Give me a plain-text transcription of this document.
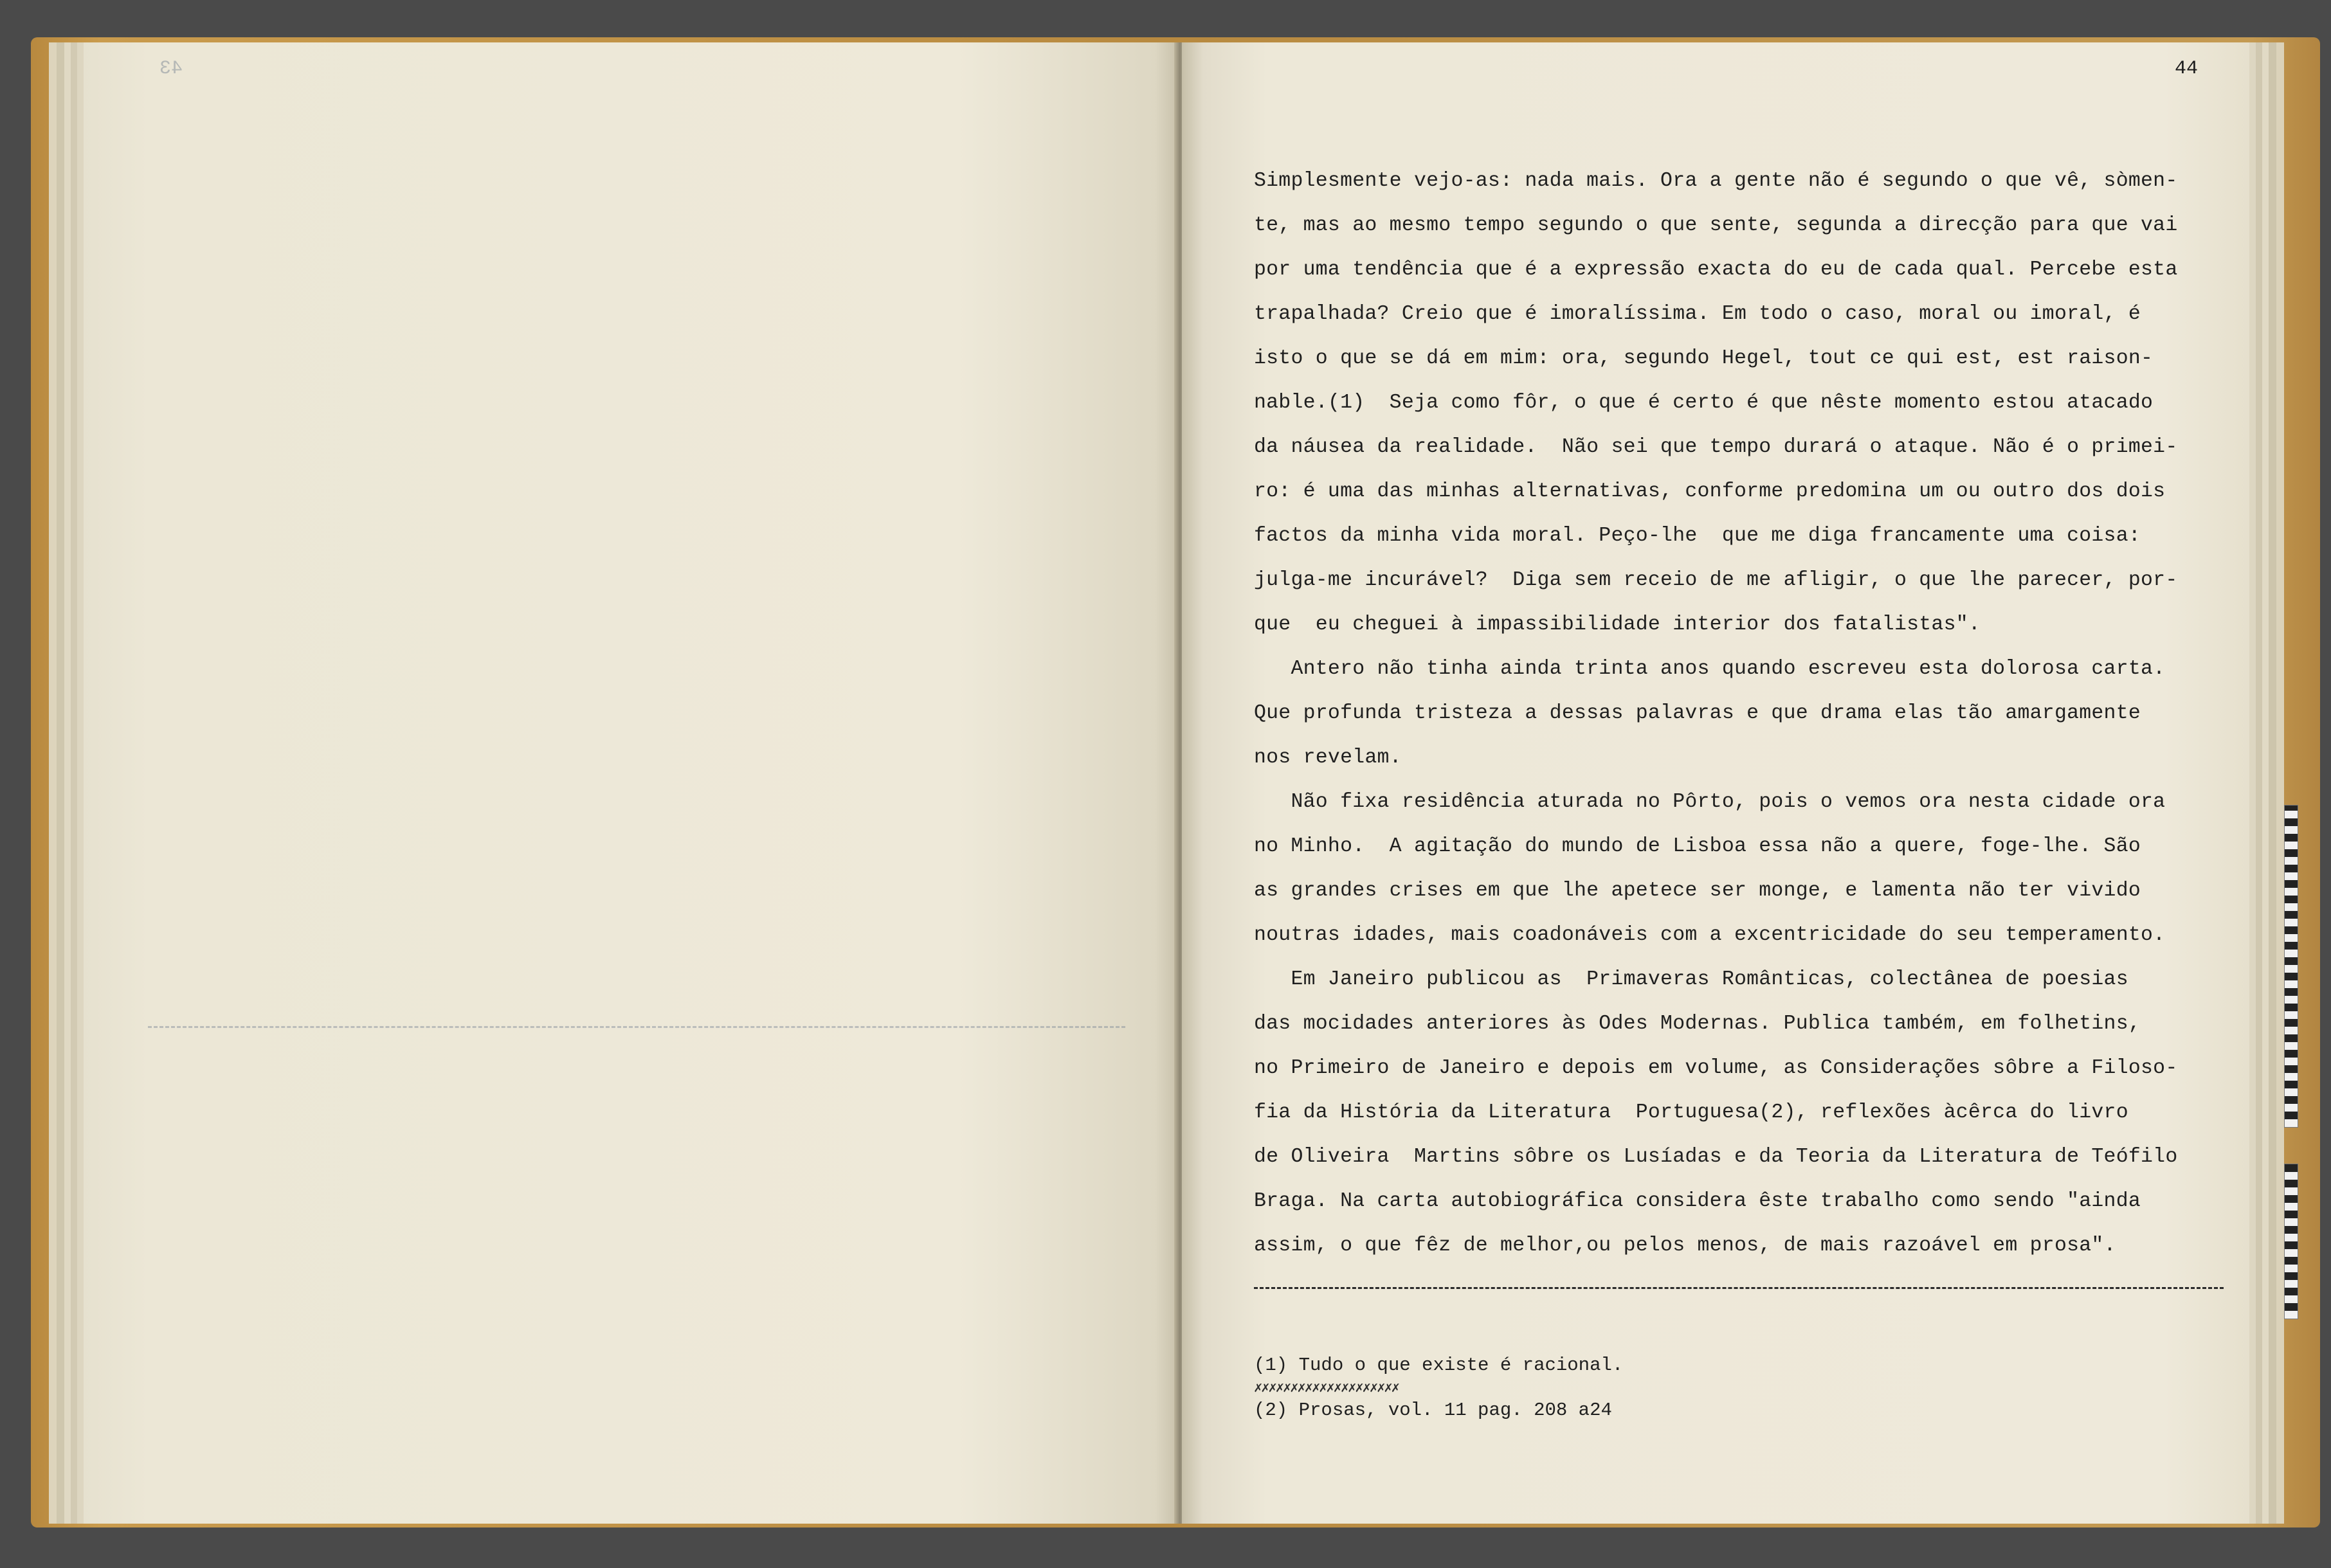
43	44
Simplesmente vejo-as: nada mais. Ora a gente não é segundo o que vê, sòmen-
te, mas ao mesmo tempo segundo o que sente, segunda a direcção para que vai
por uma tendência que é a expressão exacta do eu de cada qual. Percebe esta
trapalhada? Creio que é imoralíssima. Em todo o caso, moral ou imoral, é
isto o que se dá em mim: ora, segundo Hegel, tout ce qui est, est raison-
nable.(1)  Seja como fôr, o que é certo é que nêste momento estou atacado
da náusea da realidade.  Não sei que tempo durará o ataque. Não é o primei-
ro: é uma das minhas alternativas, conforme predomina um ou outro dos dois
factos da minha vida moral. Peço-lhe  que me diga francamente uma coisa:
julga-me incurável?  Diga sem receio de me afligir, o que lhe parecer, por-
que  eu cheguei à impassibilidade interior dos fatalistas".
Antero não tinha ainda trinta anos quando escreveu esta dolorosa carta.
Que profunda tristeza a dessas palavras e que drama elas tão amargamente
nos revelam.
Não fixa residência aturada no Pôrto, pois o vemos ora nesta cidade ora
no Minho.  A agitação do mundo de Lisboa essa não a quere, foge-lhe. São
as grandes crises em que lhe apetece ser monge, e lamenta não ter vivido
noutras idades, mais coadonáveis com a excentricidade do seu temperamento.
Em Janeiro publicou as  Primaveras Românticas, colectânea de poesias
das mocidades anteriores às Odes Modernas. Publica também, em folhetins,
no Primeiro de Janeiro e depois em volume, as Considerações sôbre a Filoso-
fia da História da Literatura  Portuguesa(2), reflexões àcêrca do livro
de Oliveira  Martins sôbre os Lusíadas e da Teoria da Literatura de Teófilo
Braga. Na carta autobiográfica considera êste trabalho como sendo "ainda
assim, o que fêz de melhor,ou pelos menos, de mais razoável em prosa".
(1) Tudo o que existe é racional.
✗✗✗✗✗✗✗✗✗✗✗✗✗✗✗✗✗✗✗✗
(2) Prosas, vol. 11 pag. 208 a24
